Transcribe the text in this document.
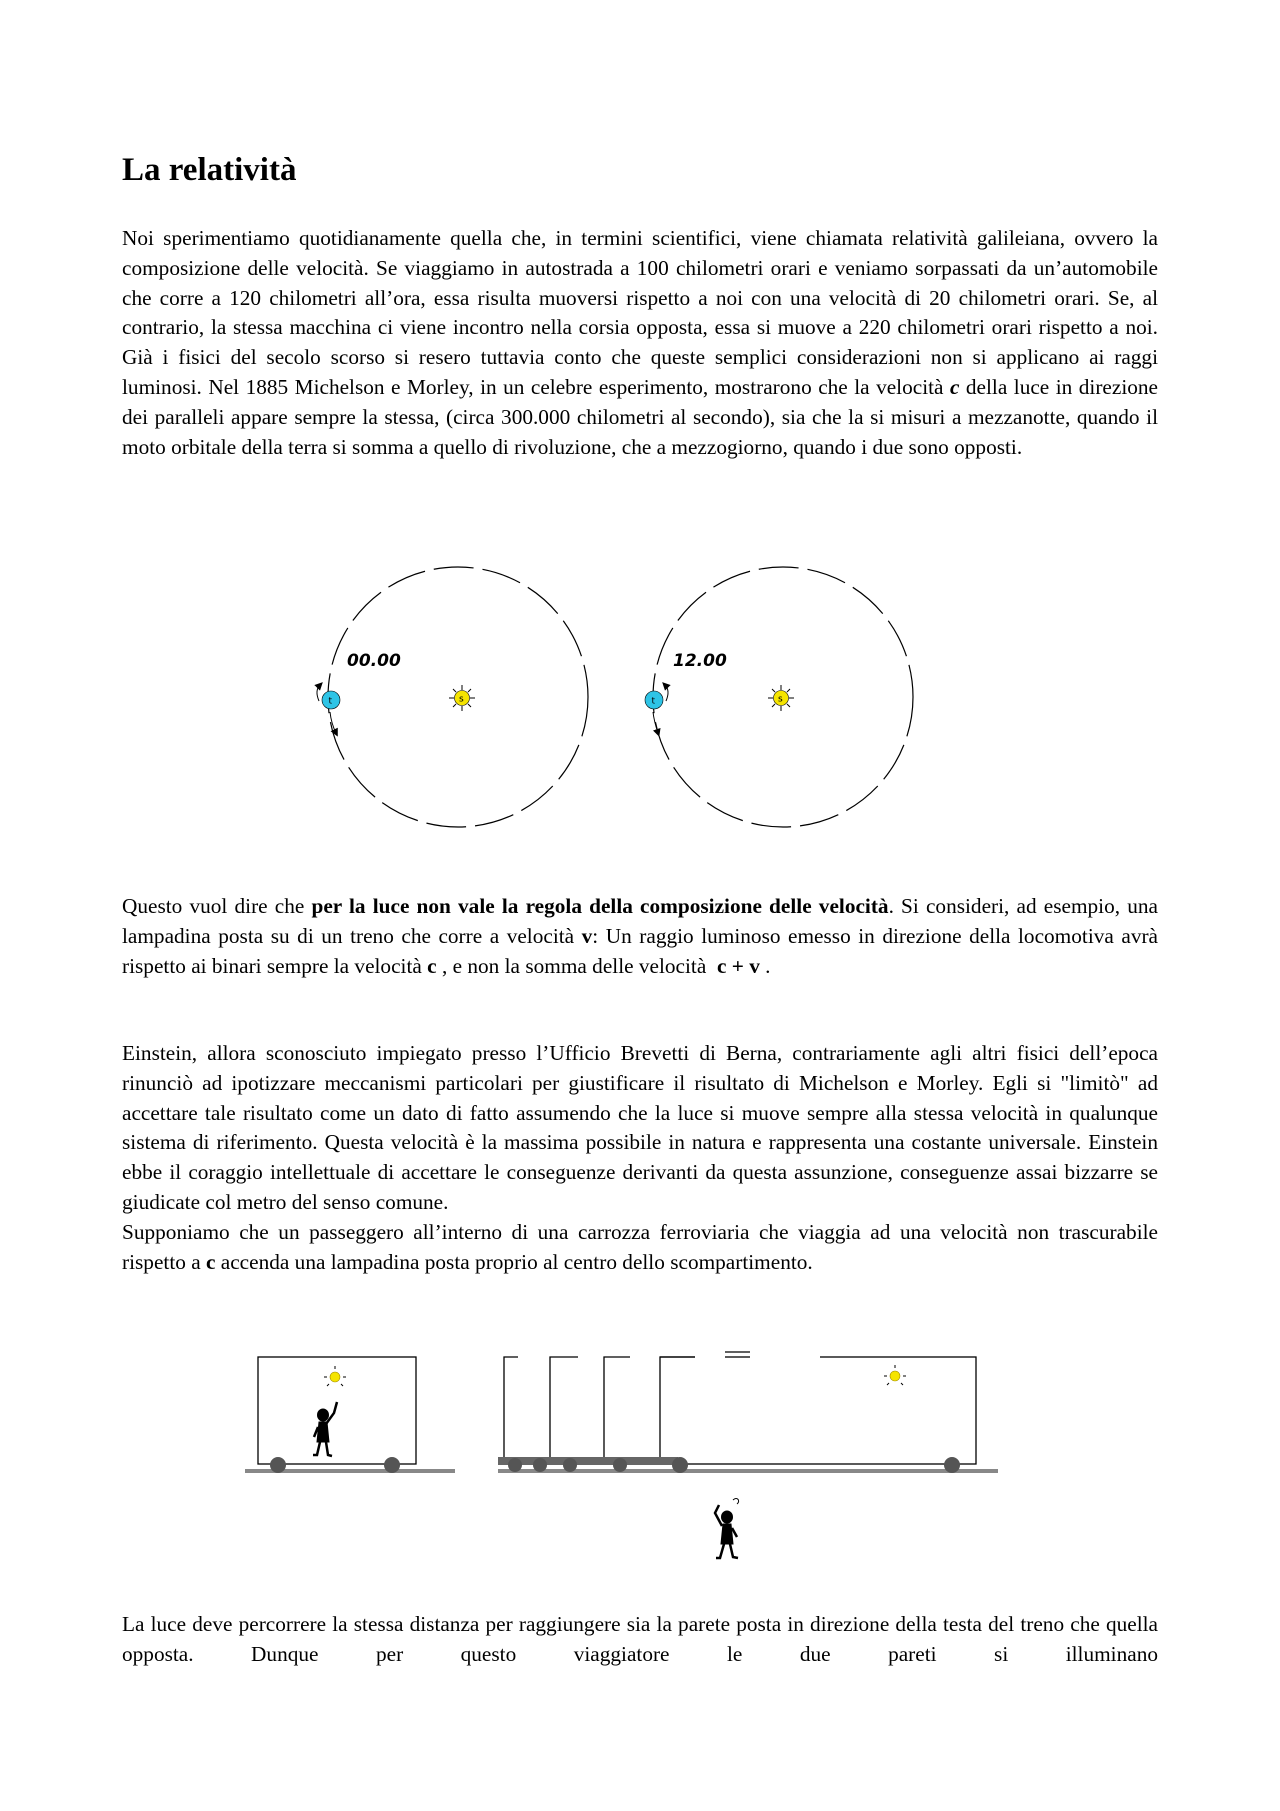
La relatività

Noi sperimentiamo quotidianamente quella che, in termini scientifici, viene chiamata relatività galileiana, ovvero la composizione delle velocità. Se viaggiamo in autostrada a 100 chilometri orari e veniamo sorpassati da un’automobile che corre a 120 chilometri all’ora, essa risulta muoversi rispetto a noi con una velocità di 20 chilometri orari. Se, al contrario, la stessa macchina ci viene incontro nella corsia opposta, essa si muove a 220 chilometri orari rispetto a noi. Già i fisici del secolo scorso si resero tuttavia conto che queste semplici considerazioni non si applicano ai raggi luminosi. Nel 1885 Michelson e Morley, in un celebre esperimento, mostrarono che la velocità c della luce in direzione dei paralleli appare sempre la stessa, (circa 300.000 chilometri al secondo), sia che la si misuri a mezzanotte, quando il moto orbitale della terra si somma a quello di rivoluzione, che a mezzogiorno, quando i due sono opposti.

00.00
t	s
12.00
t	s

Questo vuol dire che per la luce non vale la regola della composizione delle velocità. Si consideri, ad esempio, una lampadina posta su di un treno che corre a velocità v: Un raggio luminoso emesso in direzione della locomotiva avrà rispetto ai binari sempre la velocità c , e non la somma delle velocità c + v .

Einstein, allora sconosciuto impiegato presso l’Ufficio Brevetti di Berna, contrariamente agli altri fisici dell’epoca rinunciò ad ipotizzare meccanismi particolari per giustificare il risultato di Michelson e Morley. Egli si "limitò" ad accettare tale risultato come un dato di fatto assumendo che la luce si muove sempre alla stessa velocità in qualunque sistema di riferimento. Questa velocità è la massima possibile in natura e rappresenta una costante universale. Einstein ebbe il coraggio intellettuale di accettare le conseguenze derivanti da questa assunzione, conseguenze assai bizzarre se giudicate col metro del senso comune.
Supponiamo che un passeggero all’interno di una carrozza ferroviaria che viaggia ad una velocità non trascurabile rispetto a c accenda una lampadina posta proprio al centro dello scompartimento.

La luce deve percorrere la stessa distanza per raggiungere sia la parete posta in direzione della testa del treno che quella opposta. Dunque per questo viaggiatore le due pareti si illuminano
